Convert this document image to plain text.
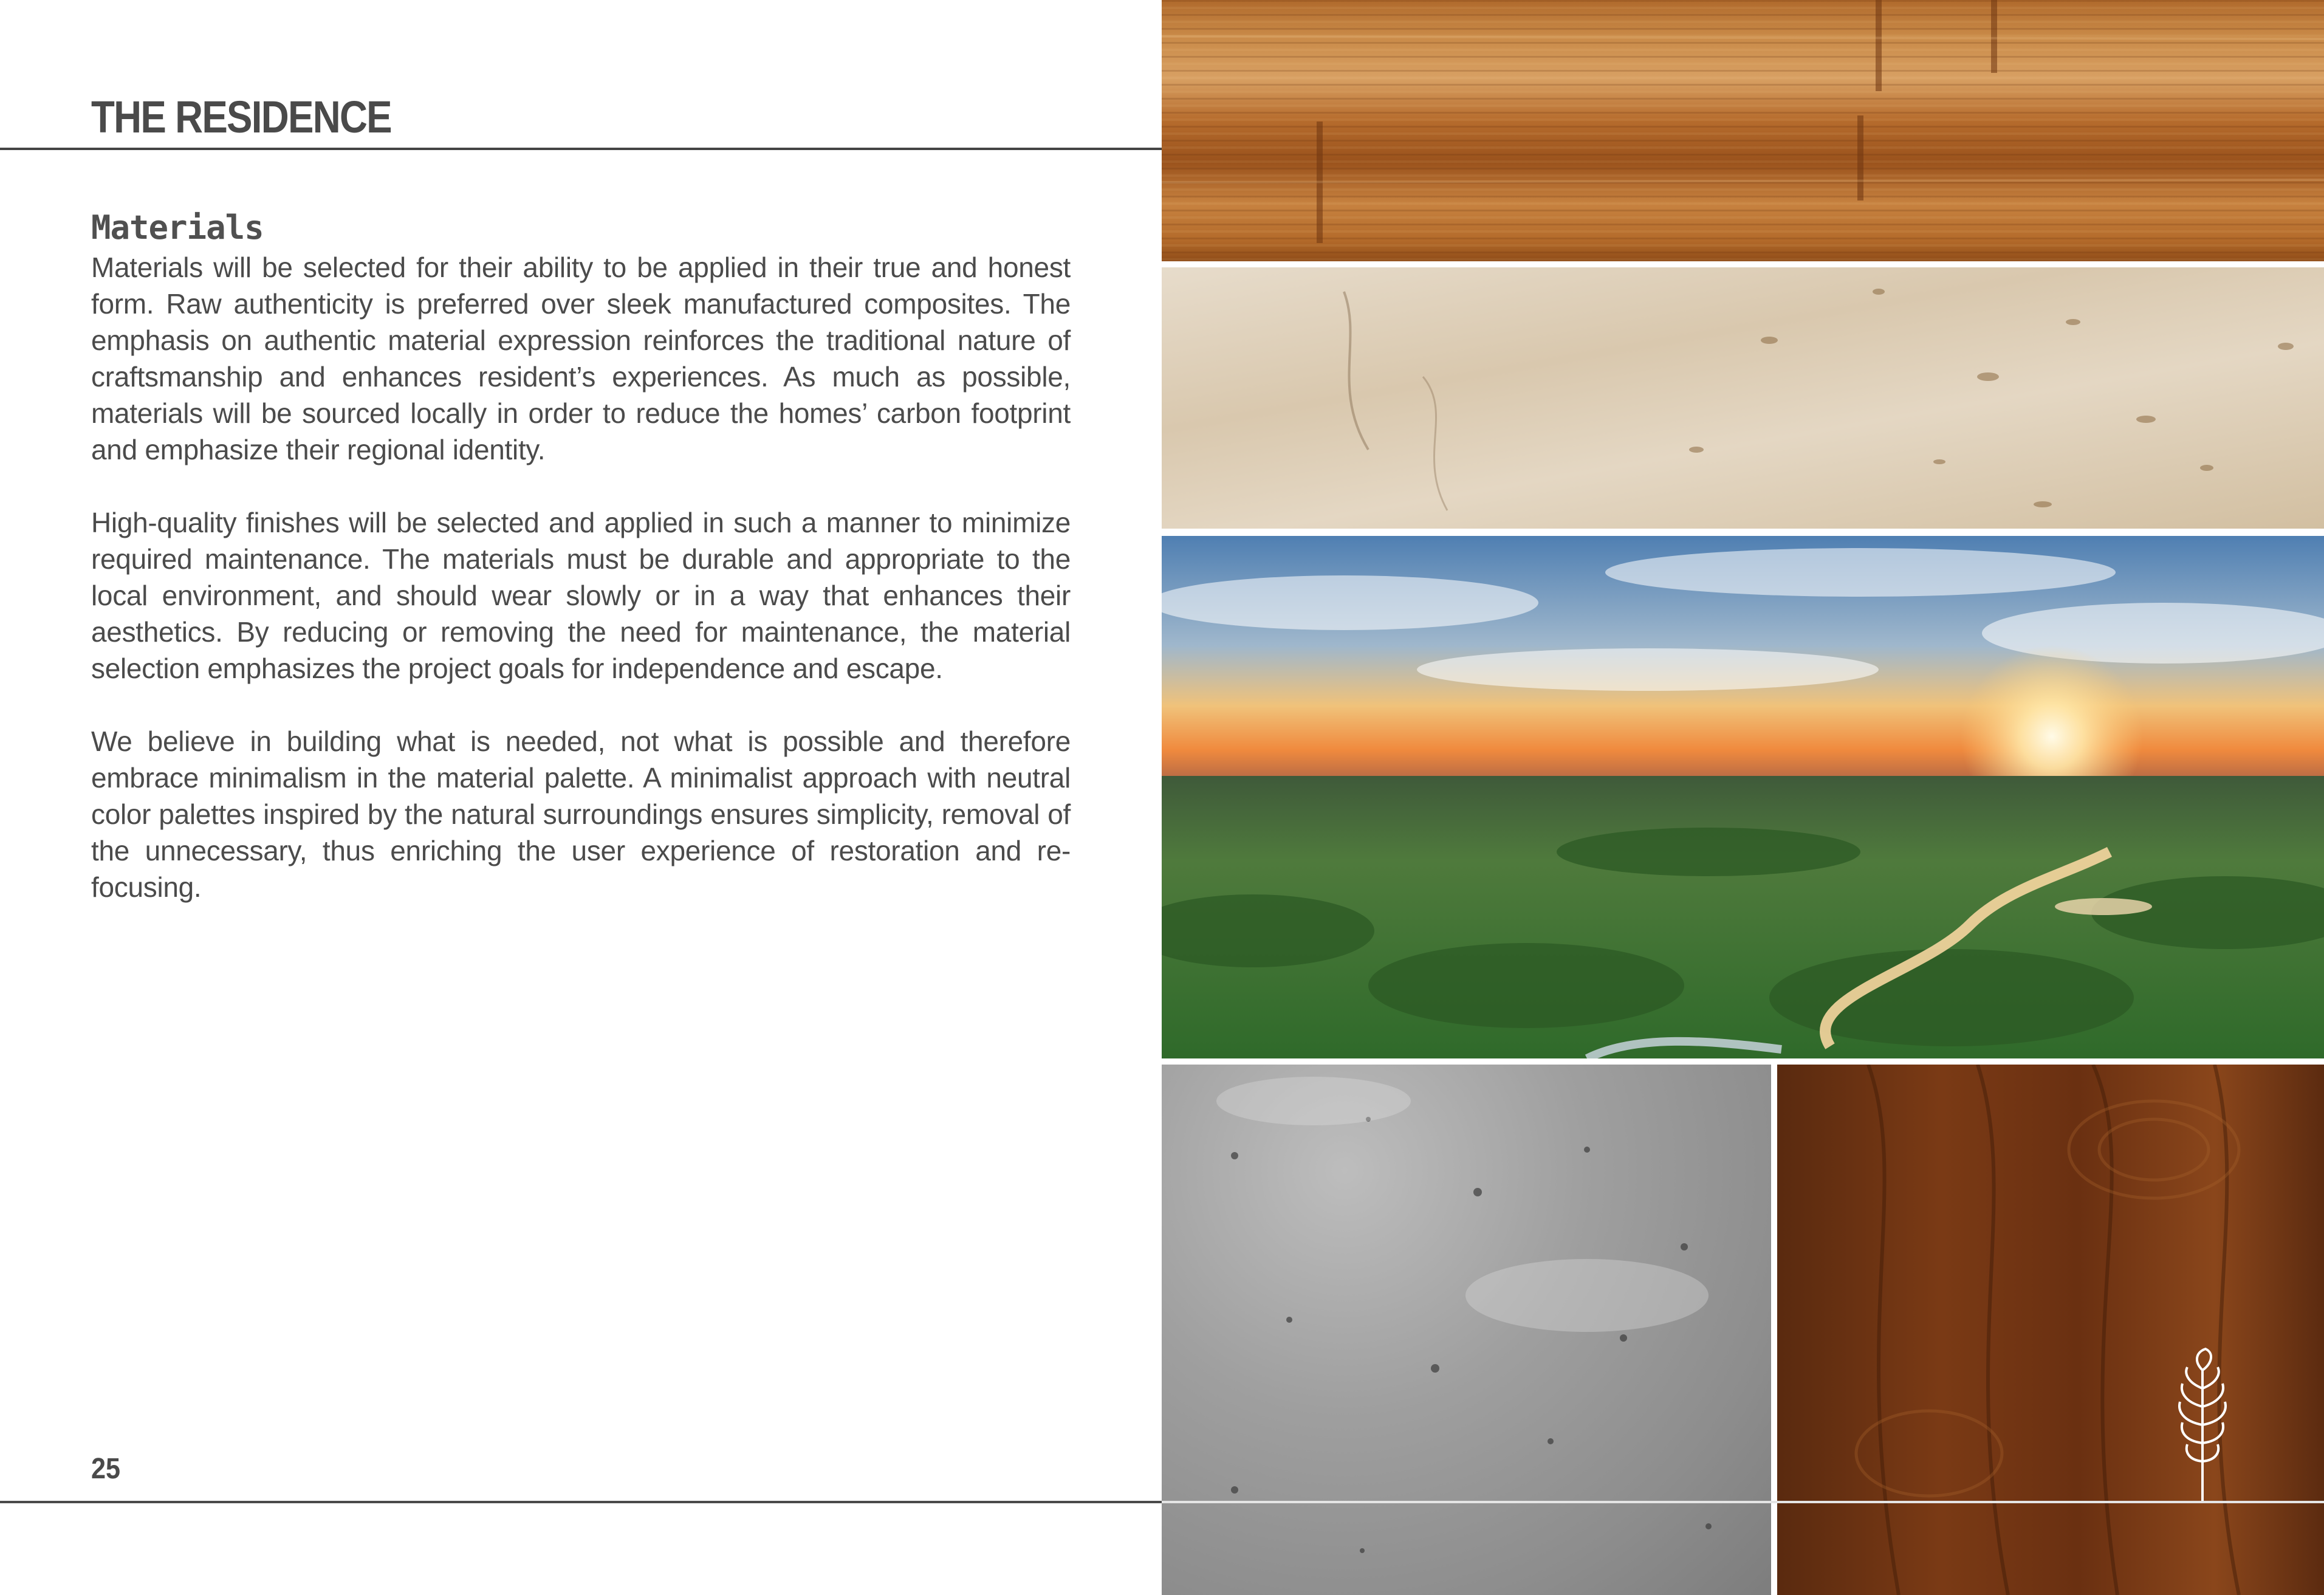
THE RESIDENCE
Materials

Materials will be selected for their ability to be applied in their true and honest form. Raw authenticity is preferred over sleek manufactured composites. The emphasis on authentic material expression reinforces the traditional nature of craftsmanship and enhances resident’s experiences. As much as possible, materials will be sourced locally in order to reduce the homes’ carbon footprint and emphasize their regional identity.

High-quality finishes will be selected and applied in such a manner to minimize required maintenance. The materials must be durable and appropriate to the local environment, and should wear slowly or in a way that enhances their aesthetics. By reducing or removing the need for maintenance, the material selection emphasizes the project goals for independence and escape.

We believe in building what is needed, not what is possible and therefore embrace minimalism in the material palette. A minimalist approach with neutral color palettes inspired by the natural surroundings ensures simplicity, removal of the unnecessary, thus enriching the user experience of restoration and re-focusing.

25
